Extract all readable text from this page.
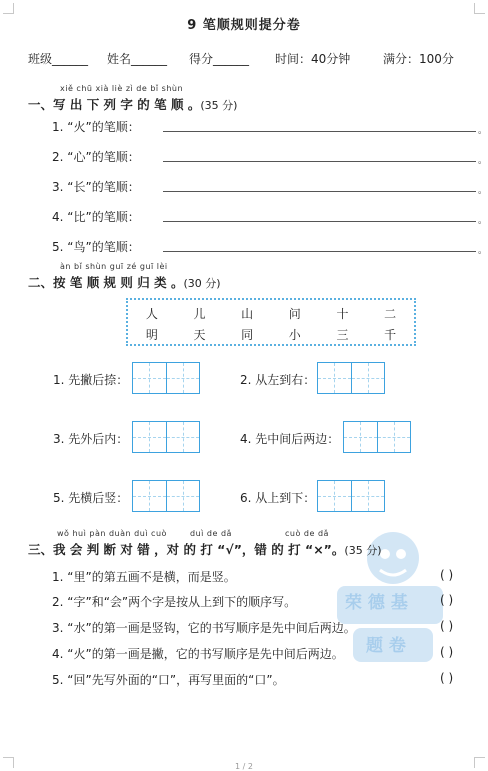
9 笔顺规则提分卷
班级______ 姓名______ 得分______ 时间：40分钟	满分：100分
xiě chū xià liè zì de bǐ shùn
一、写 出 下 列 字 的 笔 顺 。(35 分)
1. “火”的笔顺：	。
2. “心”的笔顺：	。
3. “长”的笔顺：	。
4. “比”的笔顺：	。
5. “鸟”的笔顺：	。
àn bǐ shùn guī zé guī lèi
二、按 笔 顺 规 则 归 类 。(30 分)
人	儿	山	问	十	二
明	天	同	小	三	千
1. 先撇后捺：	2. 从左到右：
3. 先外后内：	4. 先中间后两边：
5. 先横后竖：	6. 从上到下：
荣 德 基
题 卷
wǒ huì pàn duàn duì cuò	duì de dǎ	cuò de dǎ
三、我 会 判 断 对 错 ，对 的 打 “√”，错 的 打 “×”。(35 分)
1. “里”的第五画不是横，而是竖。	( )
2. “字”和“会”两个字是按从上到下的顺序写。	( )
3. “水”的第一画是竖钩，它的书写顺序是先中间后两边。	( )
4. “火”的第一画是撇，它的书写顺序是先中间后两边。	( )
5. “回”先写外面的“口”，再写里面的“口”。	( )
1 / 2
